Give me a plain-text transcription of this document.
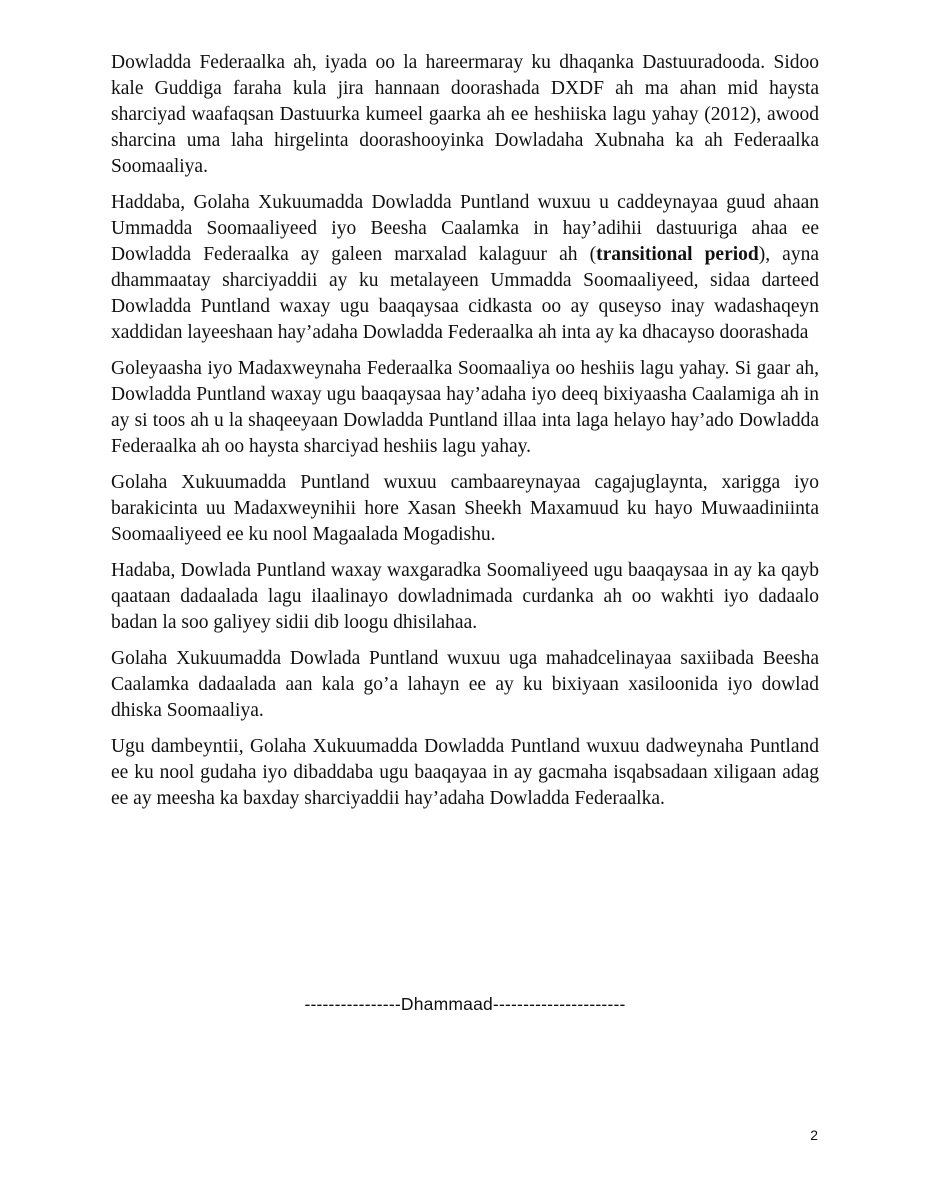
Dowladda Federaalka ah, iyada oo la hareermaray ku dhaqanka Dastuuradooda. Sidoo kale Guddiga faraha kula jira hannaan doorashada DXDF ah ma ahan mid haysta sharciyad waafaqsan Dastuurka kumeel gaarka ah ee heshiiska lagu yahay (2012), awood sharcina uma laha hirgelinta doorashooyinka Dowladaha Xubnaha ka ah Federaalka Soomaaliya.

Haddaba, Golaha Xukuumadda Dowladda Puntland wuxuu u caddeynayaa guud ahaan Ummadda Soomaaliyeed iyo Beesha Caalamka in hay’adihii dastuuriga ahaa ee Dowladda Federaalka ay galeen marxalad kalaguur ah (transitional period), ayna dhammaatay sharciyaddii ay ku metalayeen Ummadda Soomaaliyeed, sidaa darteed Dowladda Puntland waxay ugu baaqaysaa cidkasta oo ay quseyso inay wadashaqeyn xaddidan layeeshaan hay’adaha Dowladda Federaalka ah inta ay ka dhacayso doorashada

Goleyaasha iyo Madaxweynaha Federaalka Soomaaliya oo heshiis lagu yahay. Si gaar ah, Dowladda Puntland waxay ugu baaqaysaa hay’adaha iyo deeq bixiyaasha Caalamiga ah in ay si toos ah u la shaqeeyaan Dowladda Puntland illaa inta laga helayo hay’ado Dowladda Federaalka ah oo haysta sharciyad heshiis lagu yahay.

Golaha Xukuumadda Puntland wuxuu cambaareynayaa cagajuglaynta, xarigga iyo barakicinta uu Madaxweynihii hore Xasan Sheekh Maxamuud ku hayo Muwaadiniinta Soomaaliyeed ee ku nool Magaalada Mogadishu.

Hadaba, Dowlada Puntland waxay waxgaradka Soomaliyeed ugu baaqaysaa in ay ka qayb qaataan dadaalada lagu ilaalinayo dowladnimada curdanka ah oo wakhti iyo dadaalo badan la soo galiyey sidii dib loogu dhisilahaa.

Golaha Xukuumadda Dowlada Puntland wuxuu uga mahadcelinayaa saxiibada Beesha Caalamka dadaalada aan kala go’a lahayn ee ay ku bixiyaan xasiloonida iyo dowlad dhiska Soomaaliya.

Ugu dambeyntii, Golaha Xukuumadda Dowladda Puntland wuxuu dadweynaha Puntland ee ku nool gudaha iyo dibaddaba ugu baaqayaa in ay gacmaha isqabsadaan xiligaan adag ee ay meesha ka baxday sharciyaddii hay’adaha Dowladda Federaalka.

----------------Dhammaad----------------------
2
